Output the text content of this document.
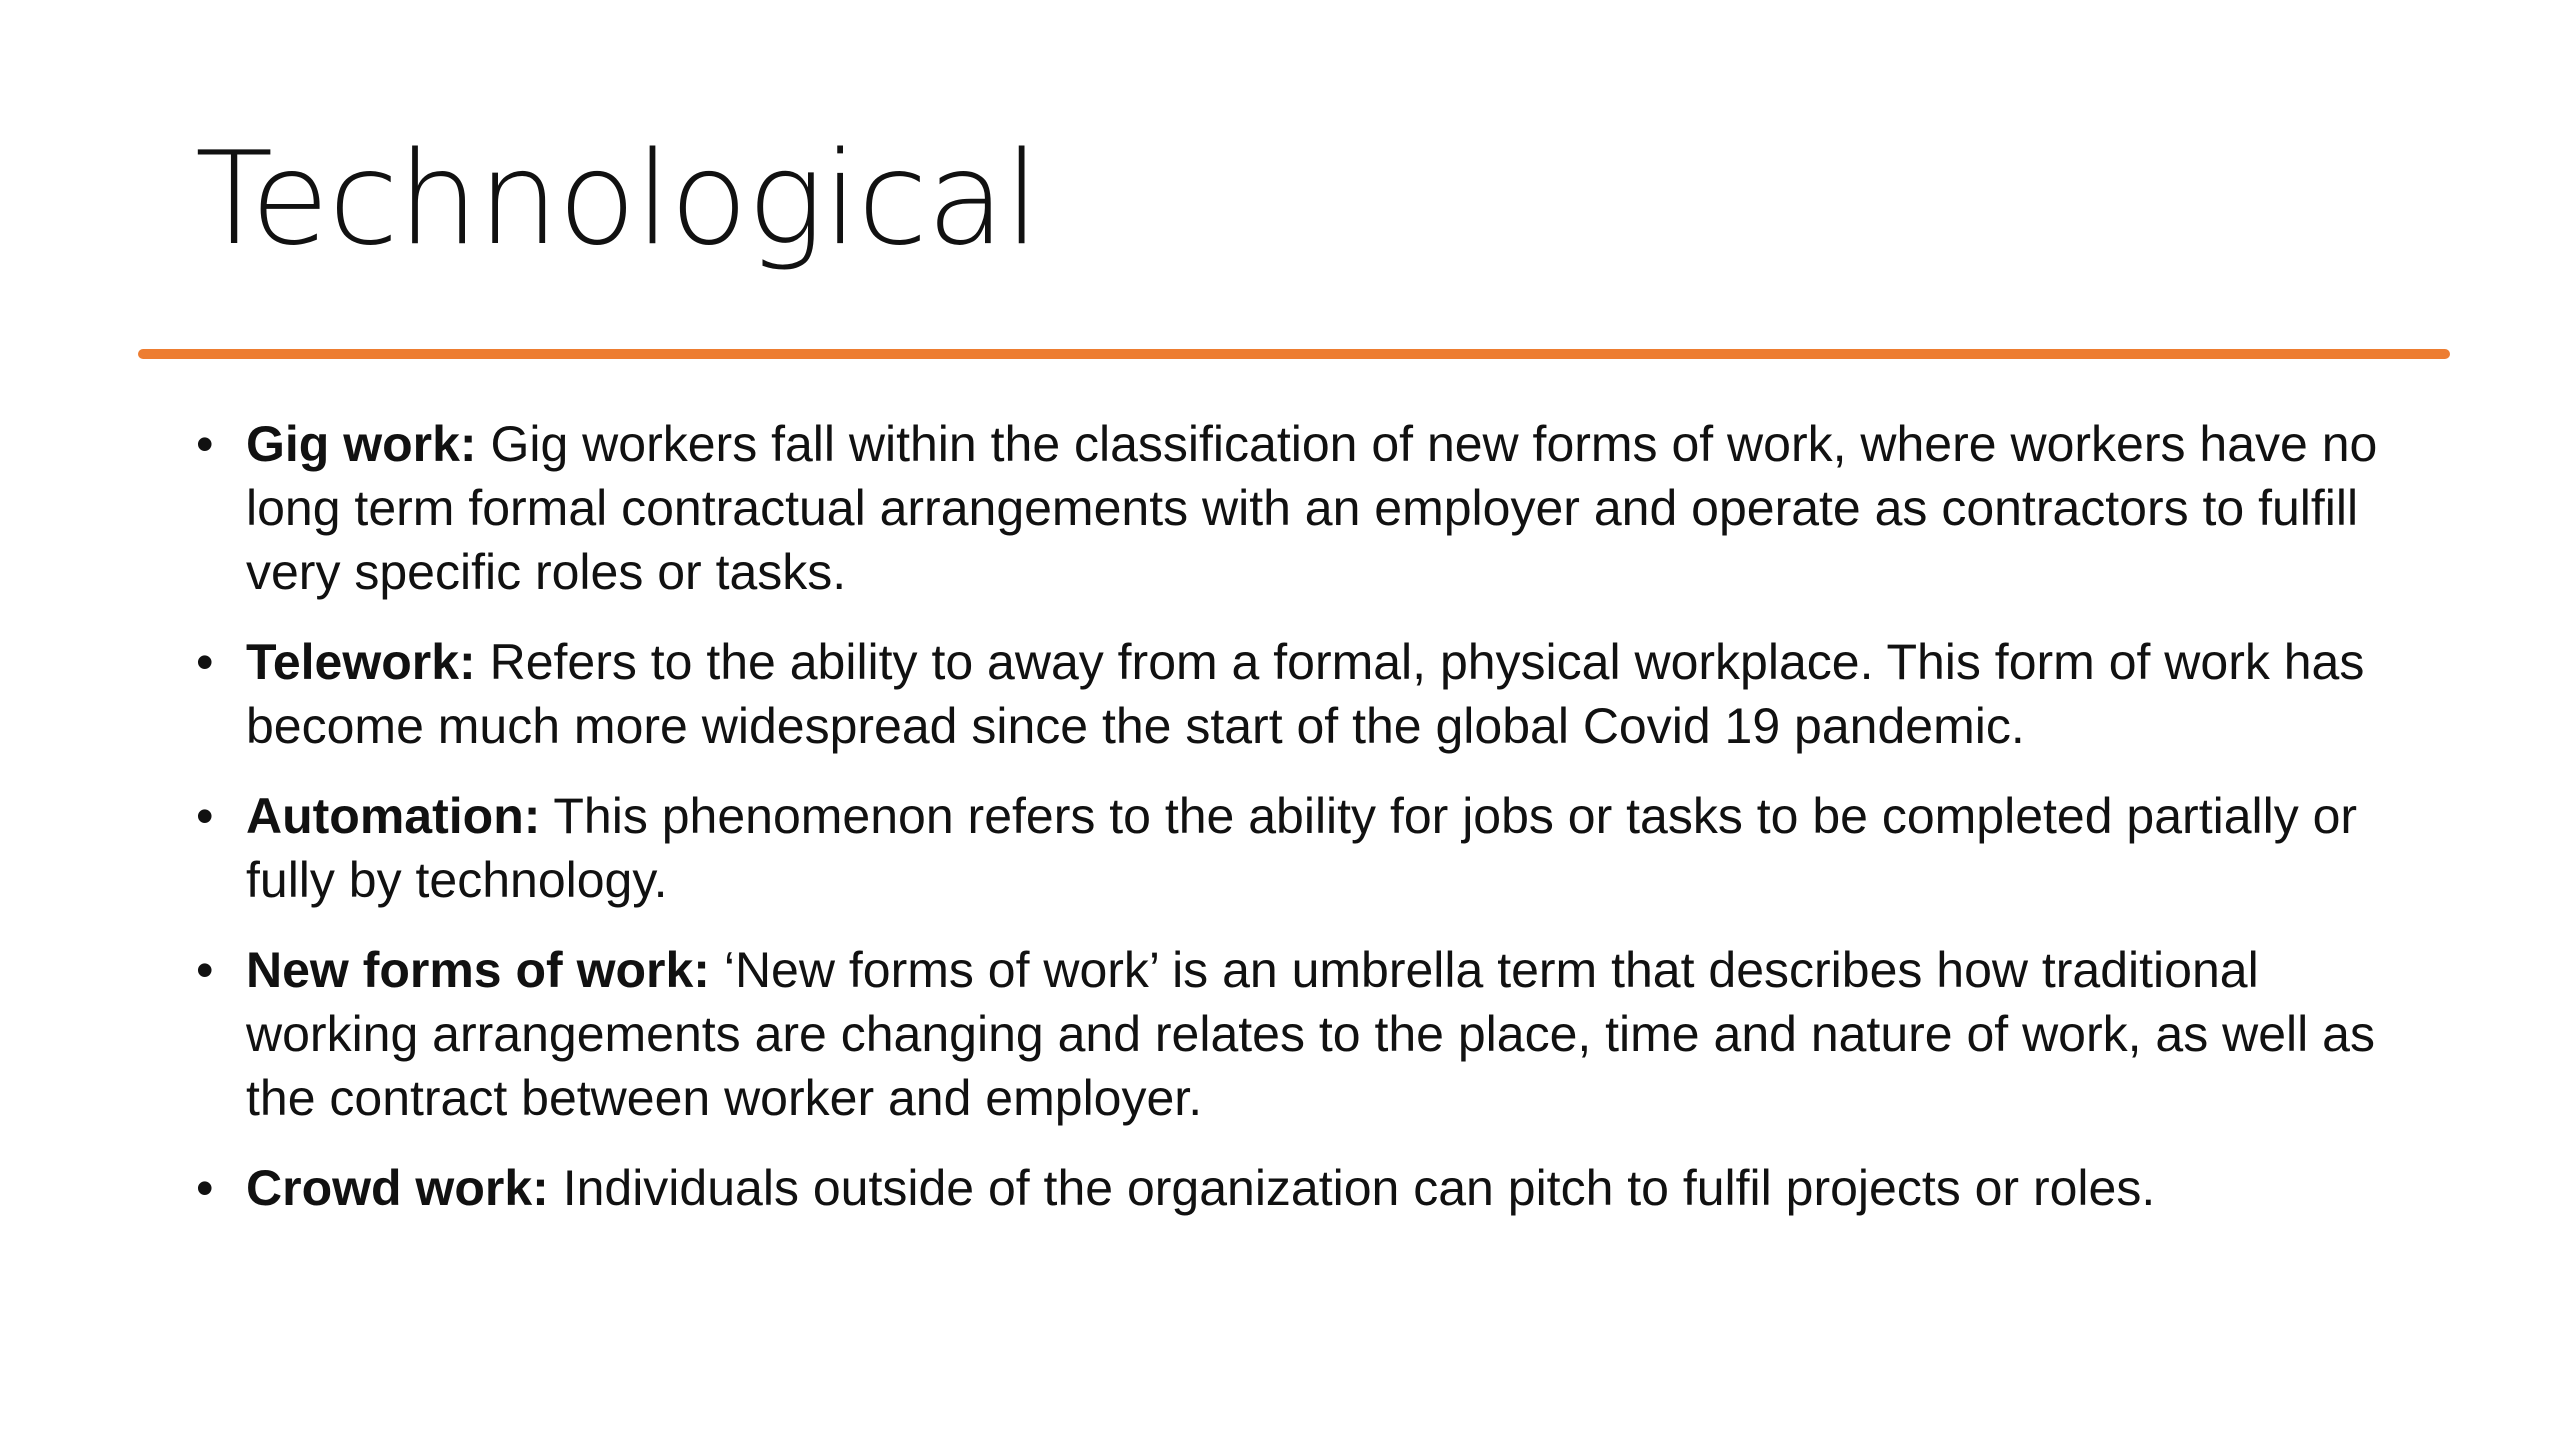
Technological
• Gig work: Gig workers fall within the classification of new forms of work, where workers have no long term formal contractual arrangements with an employer and operate as contractors to fulfill very specific roles or tasks.
• Telework: Refers to the ability to away from a formal, physical workplace. This form of work has become much more widespread since the start of the global Covid 19 pandemic.
• Automation: This phenomenon refers to the ability for jobs or tasks to be completed partially or fully by technology.
• New forms of work: ‘New forms of work’ is an umbrella term that describes how traditional working arrangements are changing and relates to the place, time and nature of work, as well as the contract between worker and employer.
• Crowd work: Individuals outside of the organization can pitch to fulfil projects or roles.
